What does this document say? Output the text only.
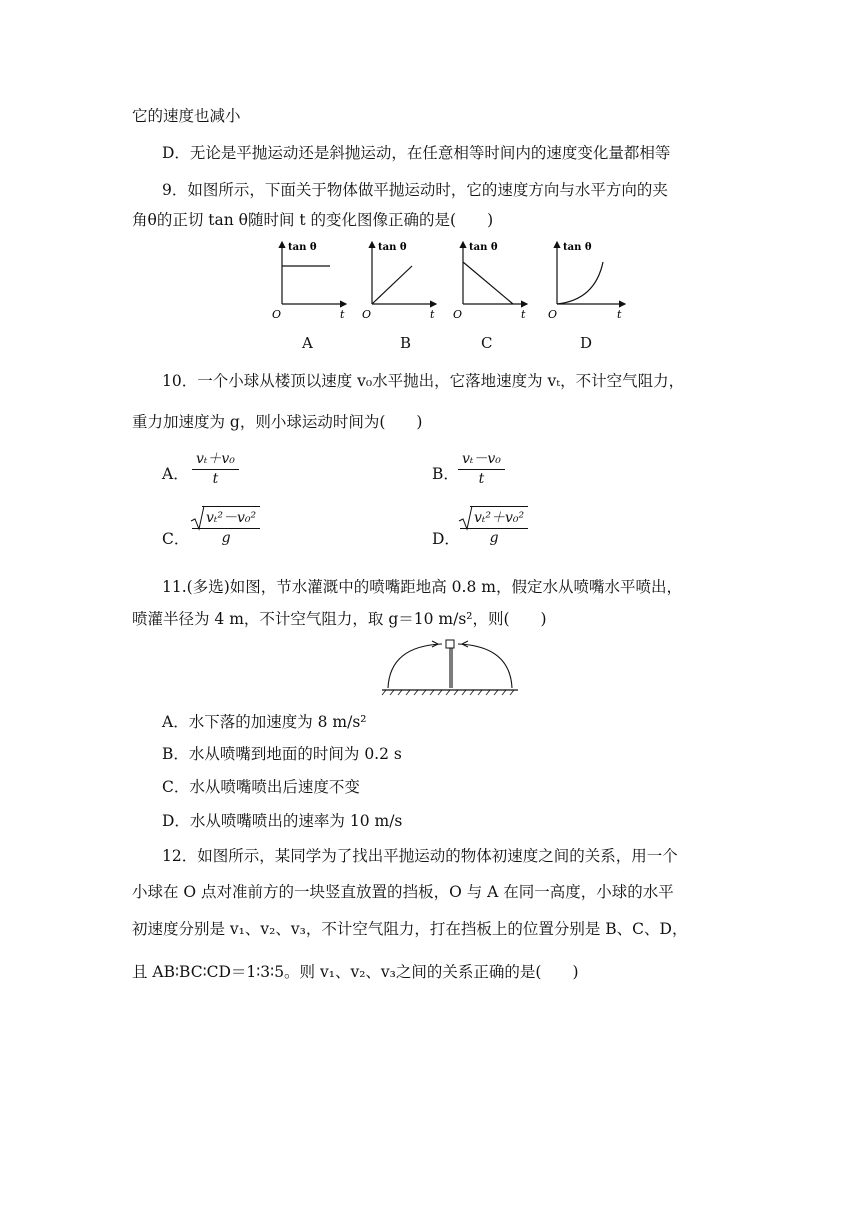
它的速度也减小
D．无论是平抛运动还是斜抛运动，在任意相等时间内的速度变化量都相等
9．如图所示，下面关于物体做平抛运动时，它的速度方向与水平方向的夹
角θ的正切 tan θ随时间 t 的变化图像正确的是(　　)
tan θ
O	t
tan θ
O	t
tan θ
O	t
tan θ
O	t
A	B	C	D
10．一个小球从楼顶以速度 v₀水平抛出，它落地速度为 vₜ，不计空气阻力，
重力加速度为 g，则小球运动时间为(　　)
A．
vₜ＋v₀
t	B．
vₜ－v₀
t
C．
vₜ²－v₀²
g	D．
vₜ²＋v₀²
g
11.(多选)如图，节水灌溉中的喷嘴距地高 0.8 m，假定水从喷嘴水平喷出，
喷灌半径为 4 m，不计空气阻力，取 g＝10 m/s²，则(　　)
A．水下落的加速度为 8 m/s²
B．水从喷嘴到地面的时间为 0.2 s
C．水从喷嘴喷出后速度不变
D．水从喷嘴喷出的速率为 10 m/s
12．如图所示，某同学为了找出平抛运动的物体初速度之间的关系，用一个
小球在 O 点对准前方的一块竖直放置的挡板，O 与 A 在同一高度，小球的水平
初速度分别是 v₁、v₂、v₃，不计空气阻力，打在挡板上的位置分别是 B、C、D，
且 AB∶BC∶CD＝1∶3∶5。则 v₁、v₂、v₃之间的关系正确的是(　　)
